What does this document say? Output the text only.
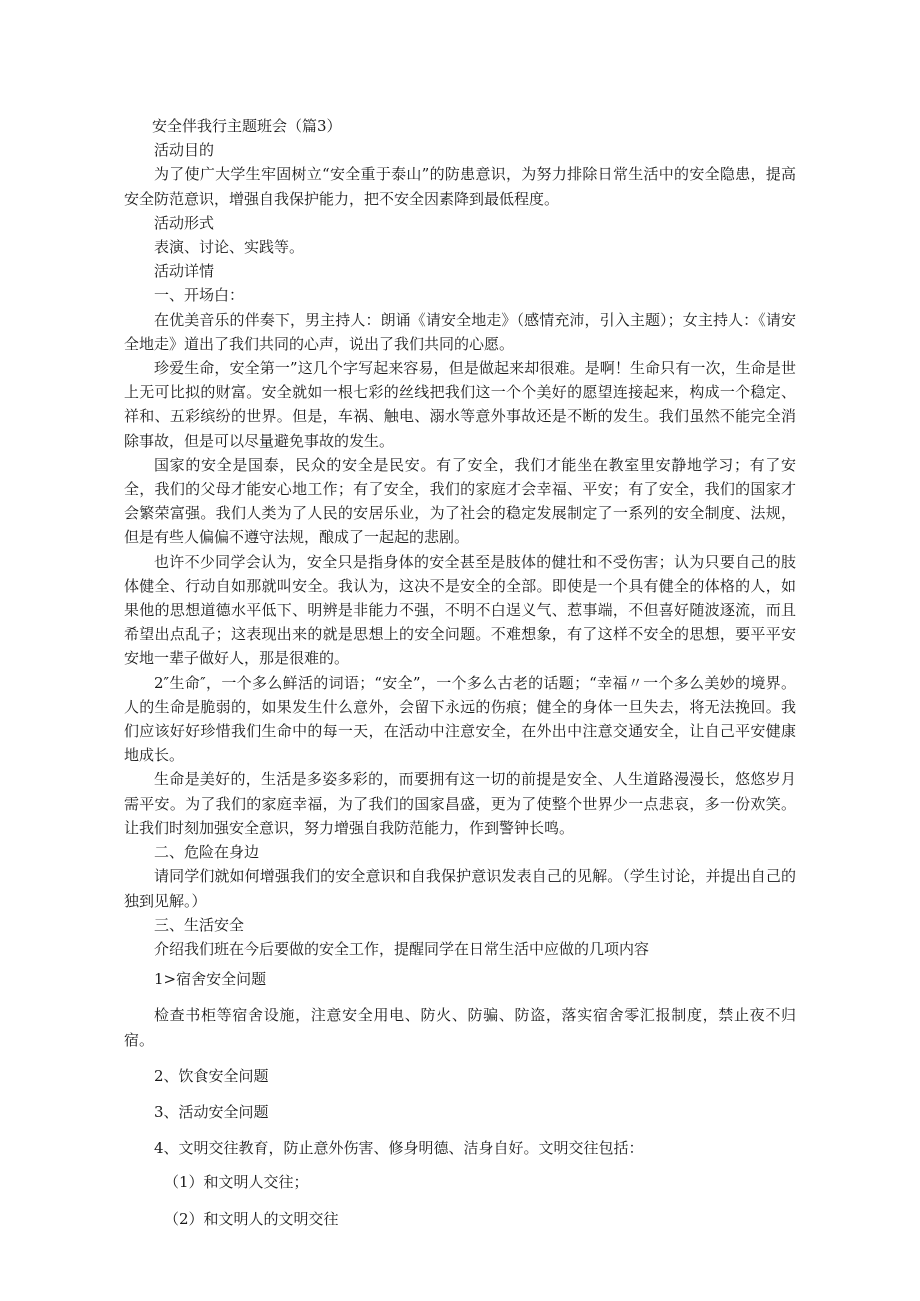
安全伴我行主题班会（篇3）

活动目的

为了使广大学生牢固树立“安全重于泰山”的防患意识，为努力排除日常生活中的安全隐患，提高安全防范意识，增强自我保护能力，把不安全因素降到最低程度。

活动形式

表演、讨论、实践等。

活动详情

一、开场白：

在优美音乐的伴奏下，男主持人：朗诵《请安全地走》（感情充沛，引入主题）；女主持人：《请安全地走》道出了我们共同的心声，说出了我们共同的心愿。

珍爱生命，安全第一”这几个字写起来容易，但是做起来却很难。是啊！生命只有一次，生命是世上无可比拟的财富。安全就如一根七彩的丝线把我们这一个个美好的愿望连接起来，构成一个稳定、祥和、五彩缤纷的世界。但是，车祸、触电、溺水等意外事故还是不断的发生。我们虽然不能完全消除事故，但是可以尽量避免事故的发生。

国家的安全是国泰，民众的安全是民安。有了安全，我们才能坐在教室里安静地学习；有了安全，我们的父母才能安心地工作；有了安全，我们的家庭才会幸福、平安；有了安全，我们的国家才会繁荣富强。我们人类为了人民的安居乐业，为了社会的稳定发展制定了一系列的安全制度、法规，但是有些人偏偏不遵守法规，酿成了一起起的悲剧。

也许不少同学会认为，安全只是指身体的安全甚至是肢体的健壮和不受伤害；认为只要自己的肢体健全、行动自如那就叫安全。我认为，这决不是安全的全部。即使是一个具有健全的体格的人，如果他的思想道德水平低下、明辨是非能力不强，不明不白逞义气、惹事端，不但喜好随波逐流，而且希望出点乱子；这表现出来的就是思想上的安全问题。不难想象，有了这样不安全的思想，要平平安安地一辈子做好人，那是很难的。

2″生命″，一个多么鲜活的词语；“安全”，一个多么古老的话题；“幸福〃一个多么美妙的境界。人的生命是脆弱的，如果发生什么意外，会留下永远的伤痕；健全的身体一旦失去，将无法挽回。我们应该好好珍惜我们生命中的每一天，在活动中注意安全，在外出中注意交通安全，让自己平安健康地成长。

生命是美好的，生活是多姿多彩的，而要拥有这一切的前提是安全、人生道路漫漫长，悠悠岁月需平安。为了我们的家庭幸福，为了我们的国家昌盛，更为了使整个世界少一点悲哀，多一份欢笑。让我们时刻加强安全意识，努力增强自我防范能力，作到警钟长鸣。

二、危险在身边

请同学们就如何增强我们的安全意识和自我保护意识发表自己的见解。（学生讨论，并提出自己的独到见解。）

三、生活安全

介绍我们班在今后要做的安全工作，提醒同学在日常生活中应做的几项内容

1>宿舍安全问题

检查书柜等宿舍设施，注意安全用电、防火、防骗、防盗，落实宿舍零汇报制度，禁止夜不归宿。

2、饮食安全问题

3、活动安全问题

4、文明交往教育，防止意外伤害、修身明德、洁身自好。文明交往包括：

（1）和文明人交往；

（2）和文明人的文明交往
